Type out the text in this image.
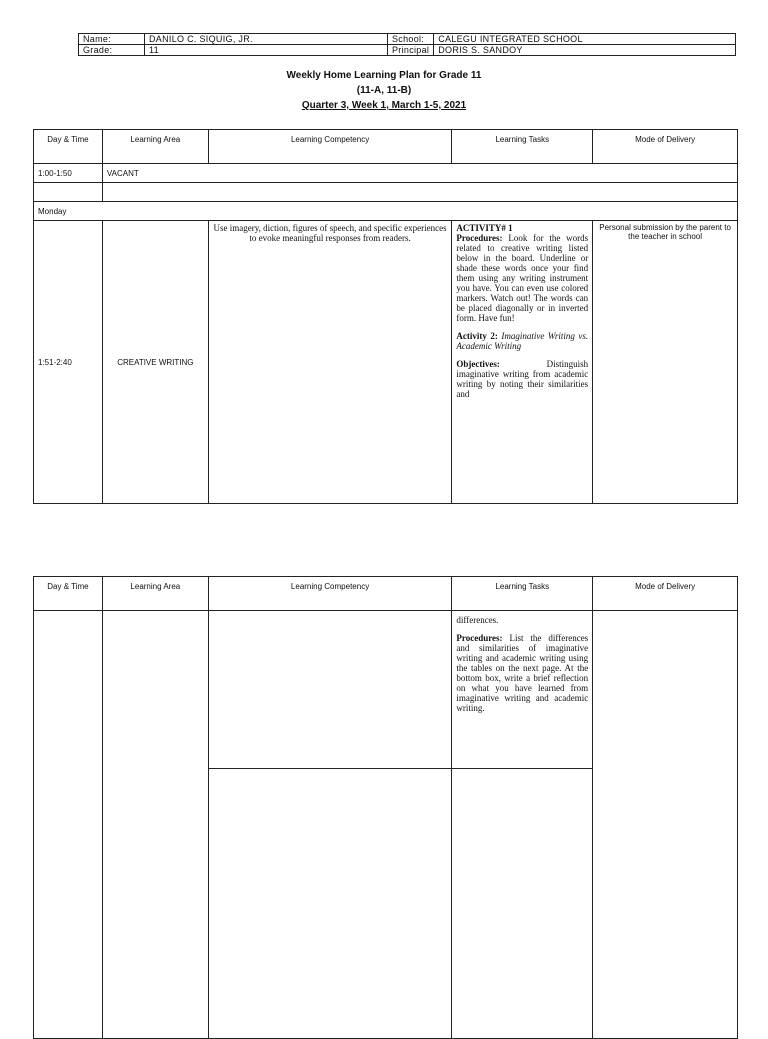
Name:	DANILO C. SIQUIG, JR.	School:	CALEGU INTEGRATED SCHOOL
Grade:	11	Principal	DORIS S. SANDOY
Weekly Home Learning Plan for Grade 11
(11-A, 11-B)
Quarter 3, Week 1, March 1-5, 2021
Day & Time	Learning Area	Learning Competency	Learning Tasks	Mode of Delivery
1:00-1:50	VACANT			

Monday				
1:51-2:40	CREATIVE WRITING	Use imagery, diction, figures of speech, and specific experiences to evoke meaningful responses from readers.	ACTIVITY# 1
Procedures: Look for the words related to creative writing listed below in the board. Underline or shade these words once your find them using any writing instrument you have. You can even use colored markers. Watch out! The words can be placed diagonally or in inverted form. Have fun!
Activity 2: Imaginative Writing vs. Academic Writing
Objectives: Distinguish imaginative writing from academic writing by noting their similarities and	Personal submission by the parent to the teacher in school
Day & Time	Learning Area	Learning Competency	Learning Tasks	Mode of Delivery

			differences.
Procedures: List the differences and similarities of imaginative writing and academic writing using the tables on the next page. At the bottom box, write a brief reflection on what you have learned from imaginative writing and academic writing.	
